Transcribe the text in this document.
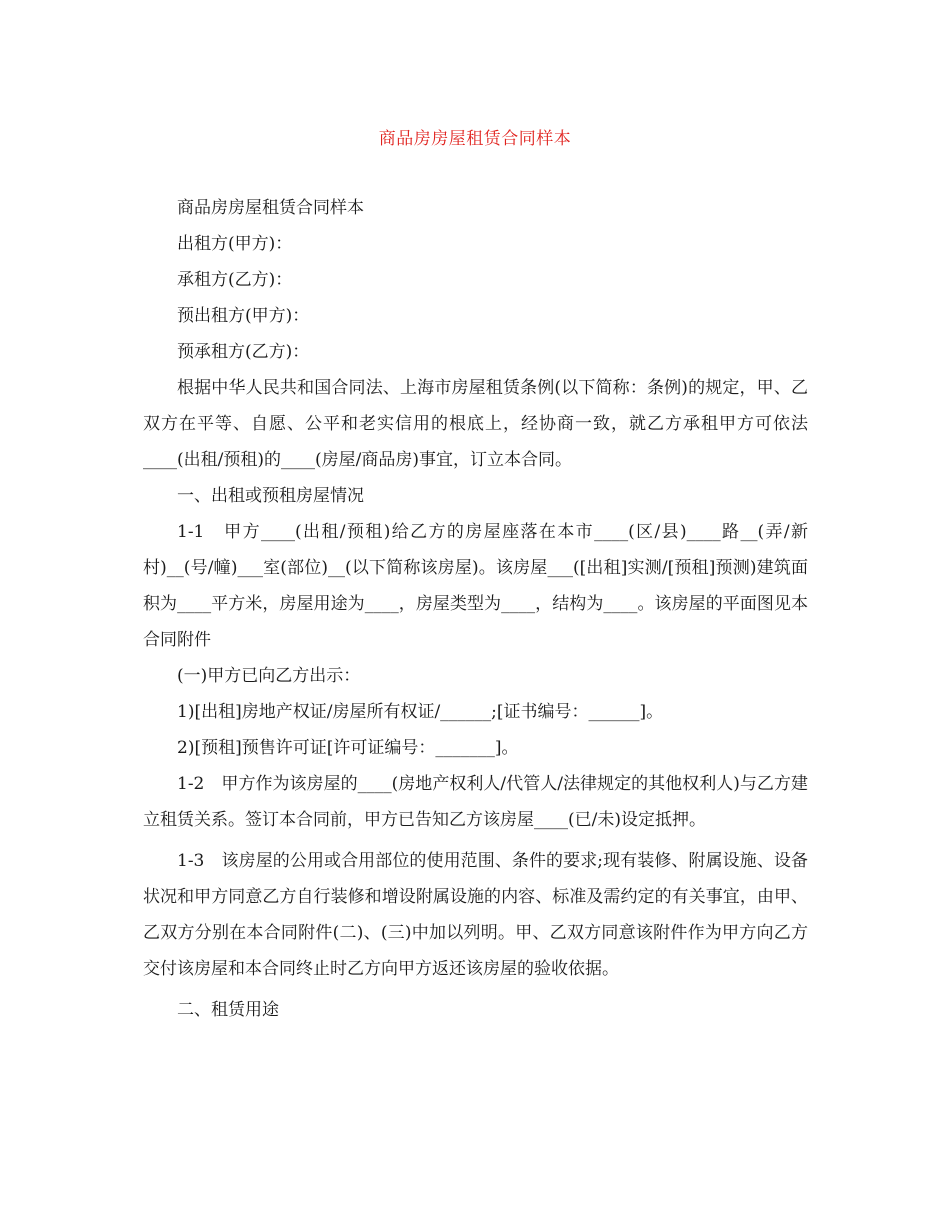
商品房房屋租赁合同样本

商品房房屋租赁合同样本

出租方(甲方)：

承租方(乙方)：

预出租方(甲方)：

预承租方(乙方)：

根据中华人民共和国合同法、上海市房屋租赁条例(以下简称：条例)的规定，甲、乙双方在平等、自愿、公平和老实信用的根底上，经协商一致，就乙方承租甲方可依法____(出租/预租)的____(房屋/商品房)事宜，订立本合同。

一、出租或预租房屋情况

1-1　甲方____(出租/预租)给乙方的房屋座落在本市____(区/县)____路__(弄/新村)__(号/幢)___室(部位)__(以下简称该房屋)。该房屋___([出租]实测/[预租]预测)建筑面积为____平方米，房屋用途为____，房屋类型为____，结构为____。该房屋的平面图见本合同附件

(一)甲方已向乙方出示：

1)[出租]房地产权证/房屋所有权证/______;[证书编号：______]。

2)[预租]预售许可证[许可证编号：_______]。

1-2　甲方作为该房屋的____(房地产权利人/代管人/法律规定的其他权利人)与乙方建立租赁关系。签订本合同前，甲方已告知乙方该房屋____(已/未)设定抵押。

1-3　该房屋的公用或合用部位的使用范围、条件的要求;现有装修、附属设施、设备状况和甲方同意乙方自行装修和增设附属设施的内容、标准及需约定的有关事宜，由甲、乙双方分别在本合同附件(二)、(三)中加以列明。甲、乙双方同意该附件作为甲方向乙方交付该房屋和本合同终止时乙方向甲方返还该房屋的验收依据。

二、租赁用途
